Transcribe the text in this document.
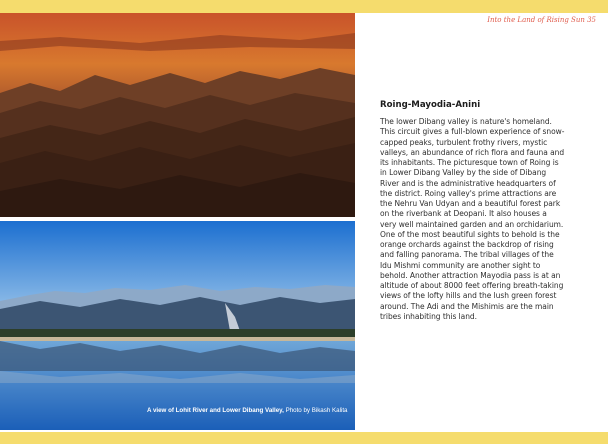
Into the Land of Rising Sun 35
Roing-Mayodia-Anini
The lower Dibang valley is nature's homeland. This circuit gives a full-blown experience of snow-capped peaks, turbulent frothy rivers, mystic valleys, an abundance of rich flora and fauna and its inhabitants. The picturesque town of Roing is in Lower Dibang Valley by the side of Dibang River and is the administrative headquarters of the district. Roing valley's prime attractions are the Nehru Van Udyan and a beautiful forest park on the riverbank at Deopani. It also houses a very well maintained garden and an orchidarium. One of the most beautiful sights to behold is the orange orchards against the backdrop of rising and falling panorama. The tribal villages of the Idu Mishmi community are another sight to behold. Another attraction Mayodia pass is at an altitude of about 8000 feet offering breath-taking views of the lofty hills and the lush green forest around. The Adi and the Mishimis are the main tribes inhabiting this land.
A view of Lohit River and Lower Dibang Valley, Photo by Bikash Kalita
